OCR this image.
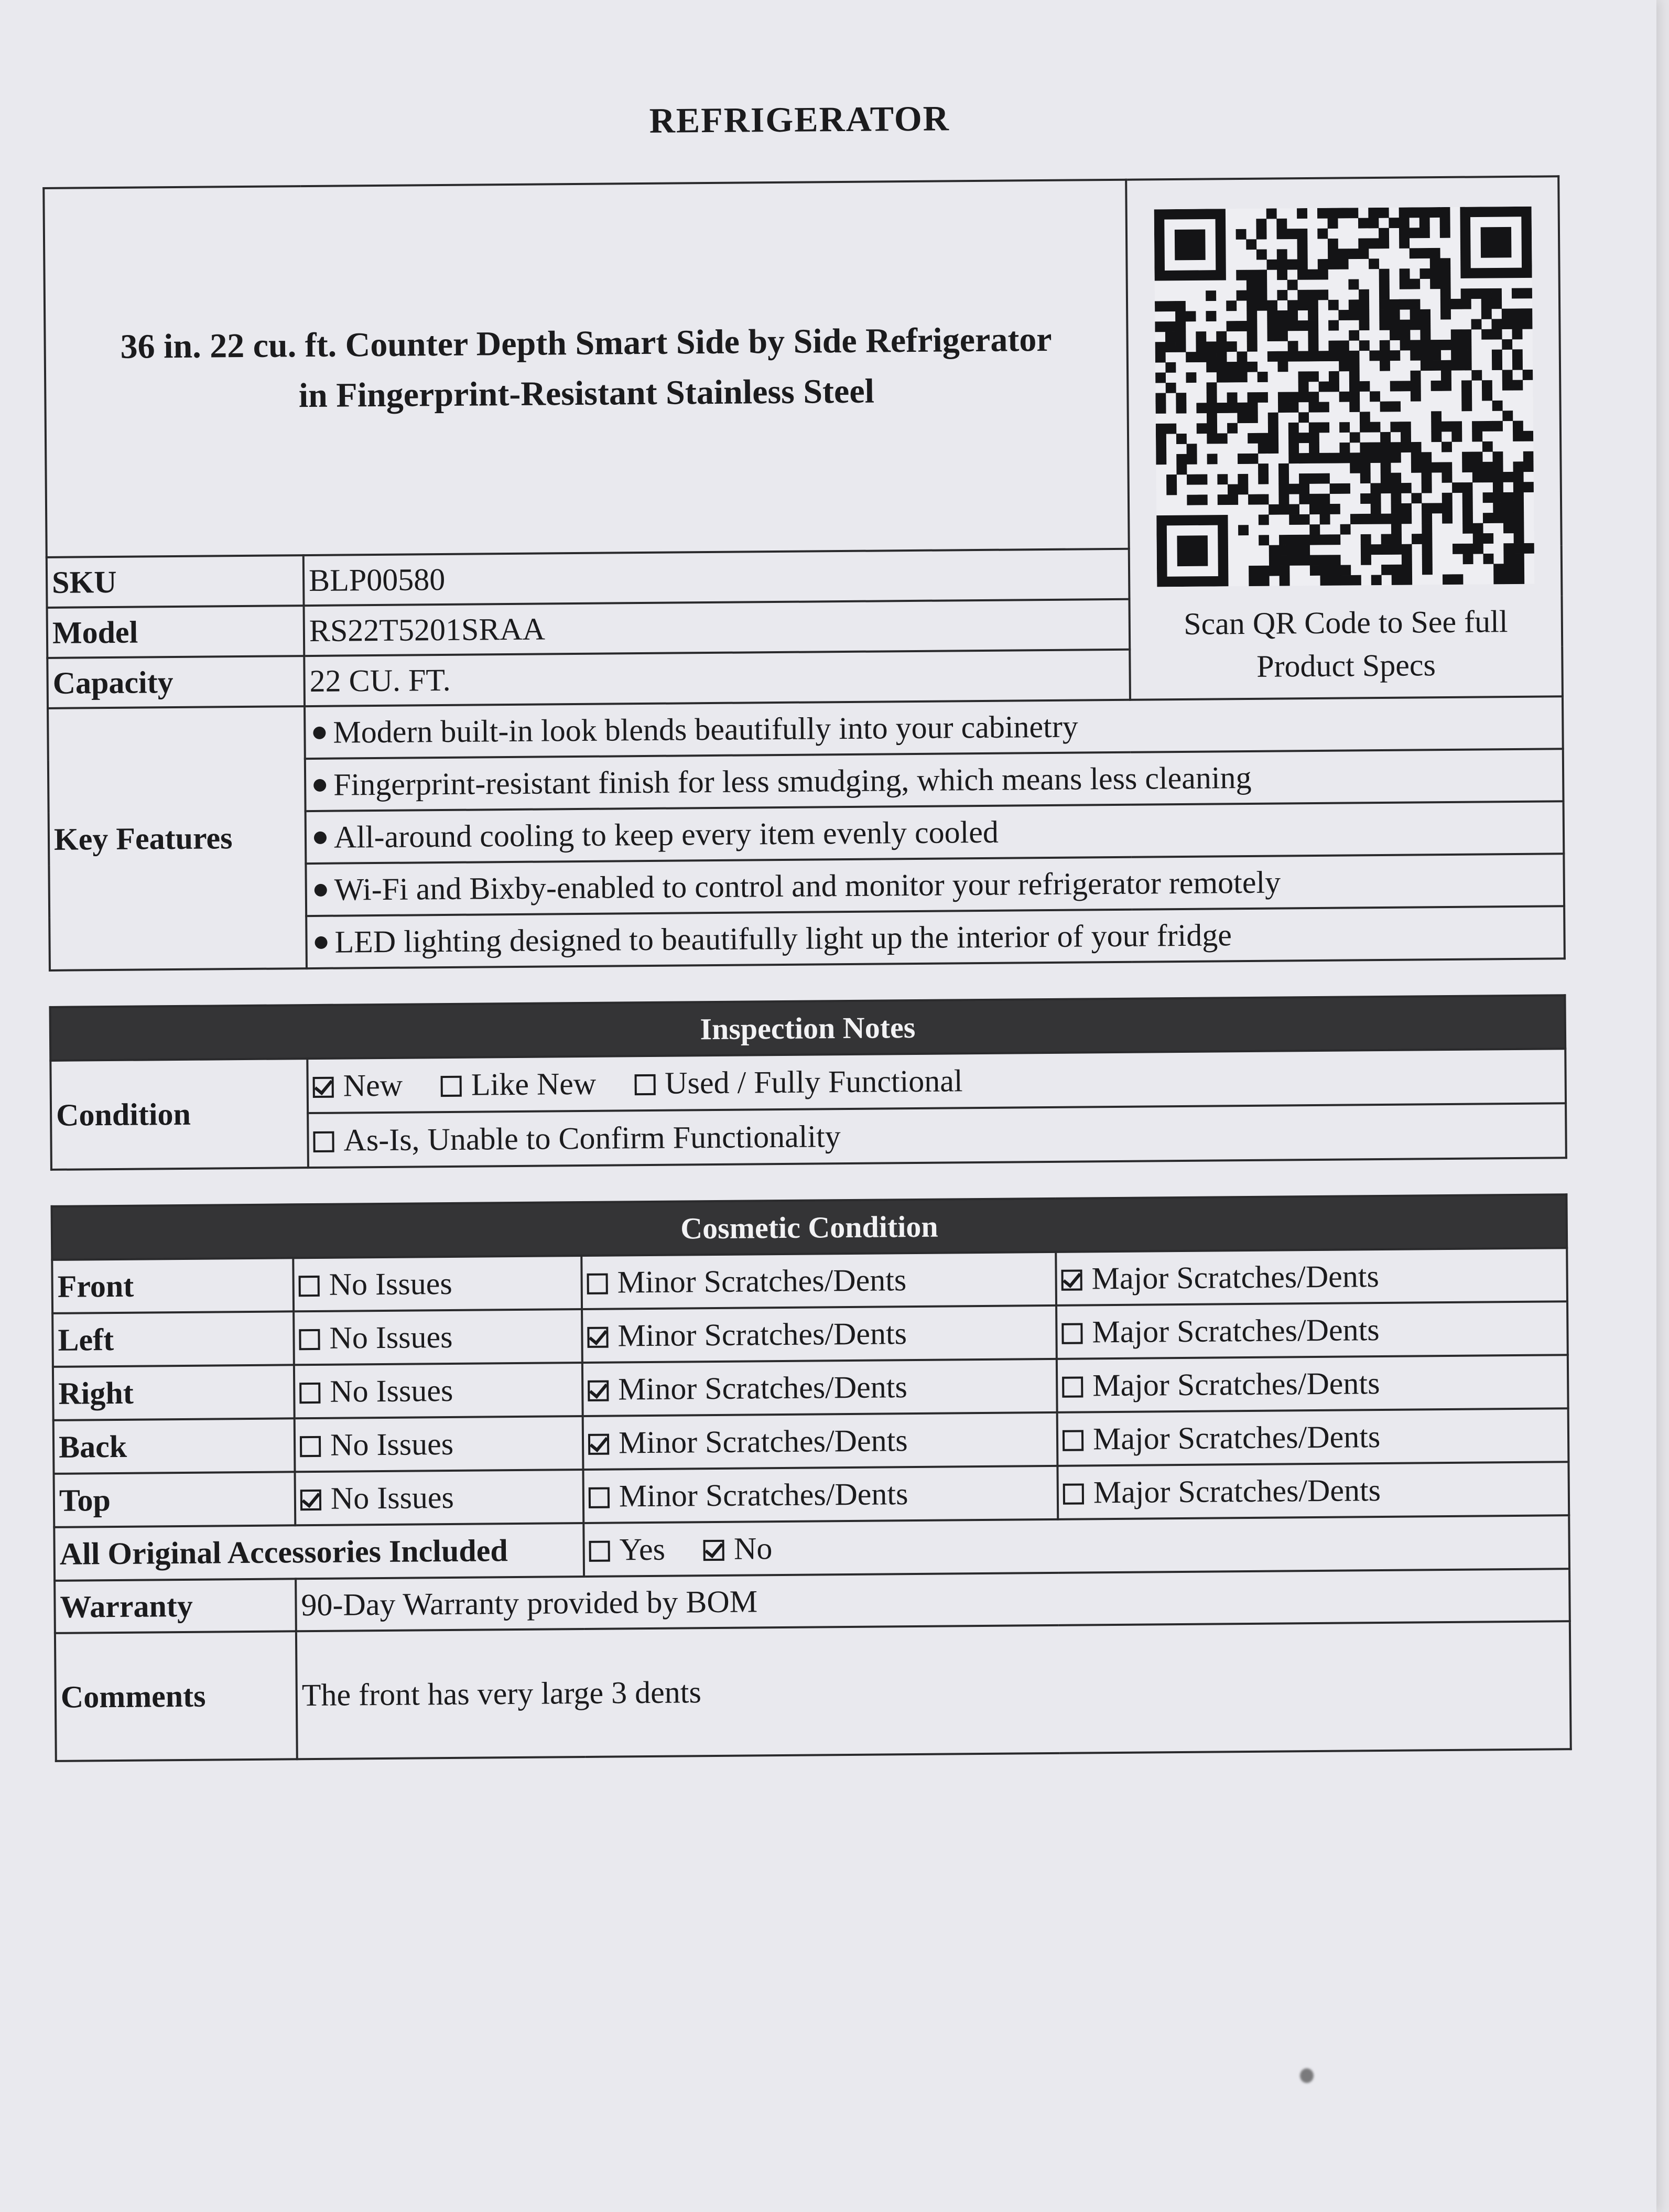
REFRIGERATOR
36 in. 22 cu. ft. Counter Depth Smart Side by Side Refrigerator
in Fingerprint-Resistant Stainless Steel		Scan QR Code to See full
Product Specs

SKU	BLP00580	
Model	RS22T5201SRAA	
Capacity	22 CU. FT.	
Key Features	Modern built-in look blends beautifully into your cabinetry	
	Fingerprint-resistant finish for less smudging, which means less cleaning	
	All-around cooling to keep every item evenly cooled	
	Wi-Fi and Bixby-enabled to control and monitor your refrigerator remotely	
	LED lighting designed to beautifully light up the interior of your fridge	
Inspection Notes
Condition	New Like New Used / Fully Functional
As-Is, Unable to Confirm Functionality
Cosmetic Condition			
Front	No Issues	Minor Scratches/Dents	Major Scratches/Dents
Left	No Issues	Minor Scratches/Dents	Major Scratches/Dents
Right	No Issues	Minor Scratches/Dents	Major Scratches/Dents
Back	No Issues	Minor Scratches/Dents	Major Scratches/Dents
Top	No Issues	Minor Scratches/Dents	Major Scratches/Dents
All Original Accessories Included		Yes No	
Warranty	90-Day Warranty provided by BOM		
Comments	The front has very large 3 dents		
